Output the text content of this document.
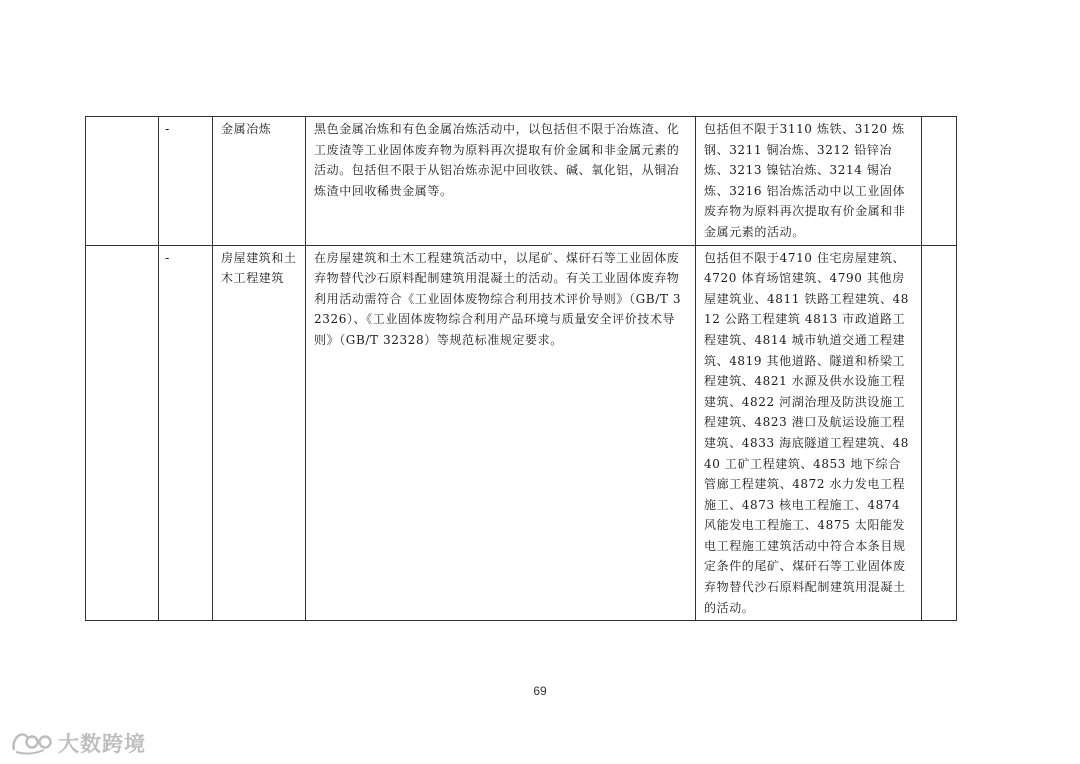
	-	金属冶炼	黑色金属冶炼和有色金属冶炼活动中，以包括但不限于冶炼渣、化工废渣等工业固体废弃物为原料再次提取有价金属和非金属元素的活动。包括但不限于从铝冶炼赤泥中回收铁、碱、氧化铝，从铜冶炼渣中回收稀贵金属等。	包括但不限于3110 炼铁、3120 炼钢、3211 铜冶炼、3212 铅锌冶炼、3213 镍钴冶炼、3214 锡冶炼、3216 铝冶炼活动中以工业固体废弃物为原料再次提取有价金属和非金属元素的活动。	
	-	房屋建筑和土木工程建筑	在房屋建筑和土木工程建筑活动中，以尾矿、煤矸石等工业固体废弃物替代沙石原料配制建筑用混凝土的活动。有关工业固体废弃物利用活动需符合《工业固体废物综合利用技术评价导则》（GB/T 32326）、《工业固体废物综合利用产品环境与质量安全评价技术导则》（GB/T 32328）等规范标准规定要求。	包括但不限于4710 住宅房屋建筑、4720 体育场馆建筑、4790 其他房屋建筑业、4811 铁路工程建筑、4812 公路工程建筑 4813 市政道路工程建筑、4814 城市轨道交通工程建筑、4819 其他道路、隧道和桥梁工程建筑、4821 水源及供水设施工程建筑、4822 河湖治理及防洪设施工程建筑、4823 港口及航运设施工程建筑、4833 海底隧道工程建筑、4840 工矿工程建筑、4853 地下综合管廊工程建筑、4872 水力发电工程施工、4873 核电工程施工、4874 风能发电工程施工、4875 太阳能发电工程施工建筑活动中符合本条目规定条件的尾矿、煤矸石等工业固体废弃物替代沙石原料配制建筑用混凝土的活动。	
69
大数跨境
